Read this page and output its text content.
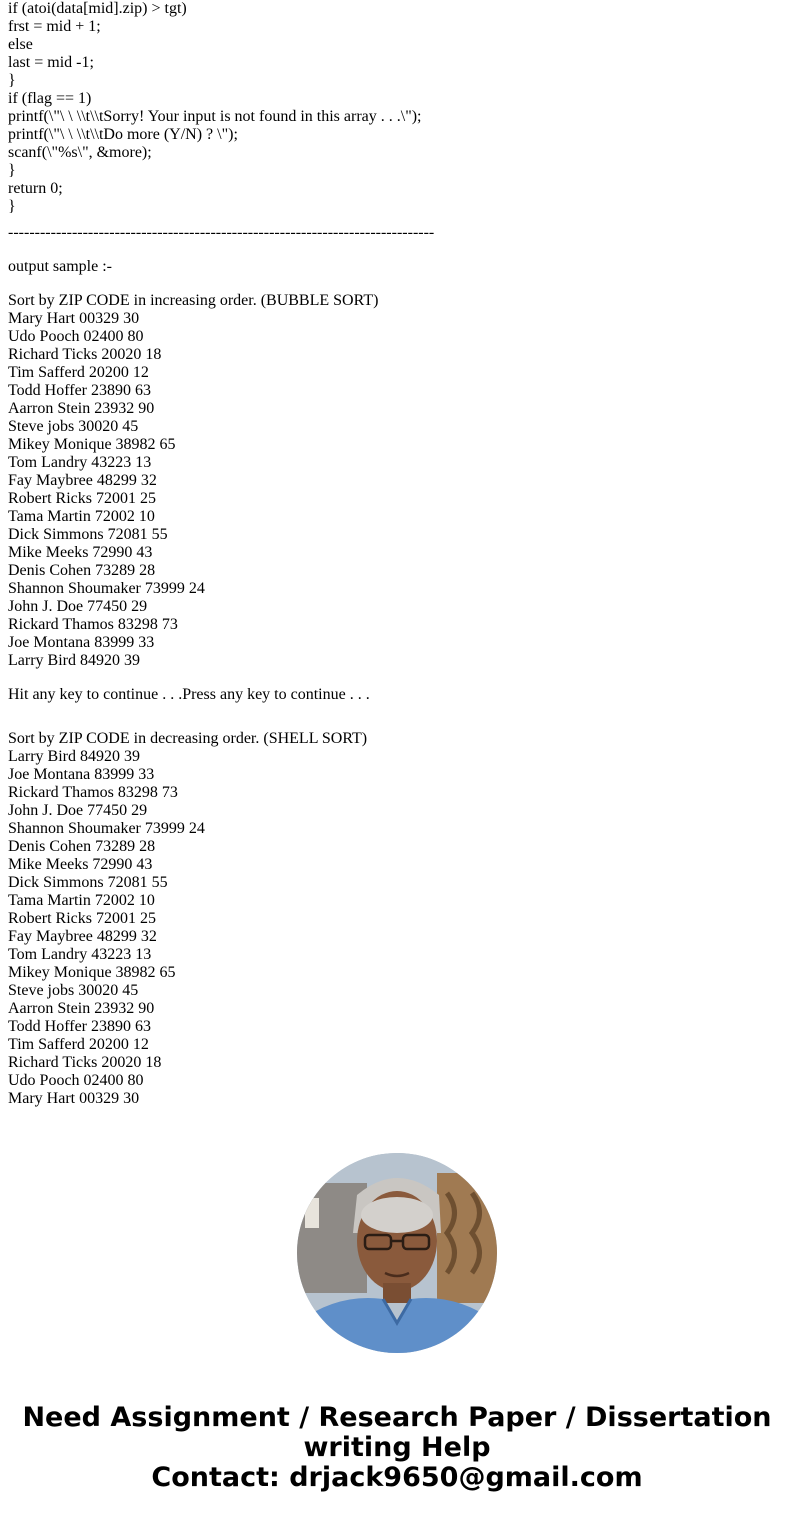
if (atoi(data[mid].zip) > tgt)
frst = mid + 1;
else
last = mid -1;
}
if (flag == 1)
printf(\"\ \ \\t\\tSorry! Your input is not found in this array . . .\");
printf(\"\ \ \\t\\tDo more (Y/N) ? \");
scanf(\"%s\", &more);
}
return 0;
}
--------------------------------------------------------------------------------
output sample :-
Sort by ZIP CODE in increasing order. (BUBBLE SORT)
Mary Hart 00329 30
Udo Pooch 02400 80
Richard Ticks 20020 18
Tim Safferd 20200 12
Todd Hoffer 23890 63
Aarron Stein 23932 90
Steve jobs 30020 45
Mikey Monique 38982 65
Tom Landry 43223 13
Fay Maybree 48299 32
Robert Ricks 72001 25
Tama Martin 72002 10
Dick Simmons 72081 55
Mike Meeks 72990 43
Denis Cohen 73289 28
Shannon Shoumaker 73999 24
John J. Doe 77450 29
Rickard Thamos 83298 73
Joe Montana 83999 33
Larry Bird 84920 39
Hit any key to continue . . .Press any key to continue . . .
Sort by ZIP CODE in decreasing order. (SHELL SORT)
Larry Bird 84920 39
Joe Montana 83999 33
Rickard Thamos 83298 73
John J. Doe 77450 29
Shannon Shoumaker 73999 24
Denis Cohen 73289 28
Mike Meeks 72990 43
Dick Simmons 72081 55
Tama Martin 72002 10
Robert Ricks 72001 25
Fay Maybree 48299 32
Tom Landry 43223 13
Mikey Monique 38982 65
Steve jobs 30020 45
Aarron Stein 23932 90
Todd Hoffer 23890 63
Tim Safferd 20200 12
Richard Ticks 20020 18
Udo Pooch 02400 80
Mary Hart 00329 30
Need Assignment / Research Paper / Dissertation
writing Help
Contact: drjack9650@gmail.com
